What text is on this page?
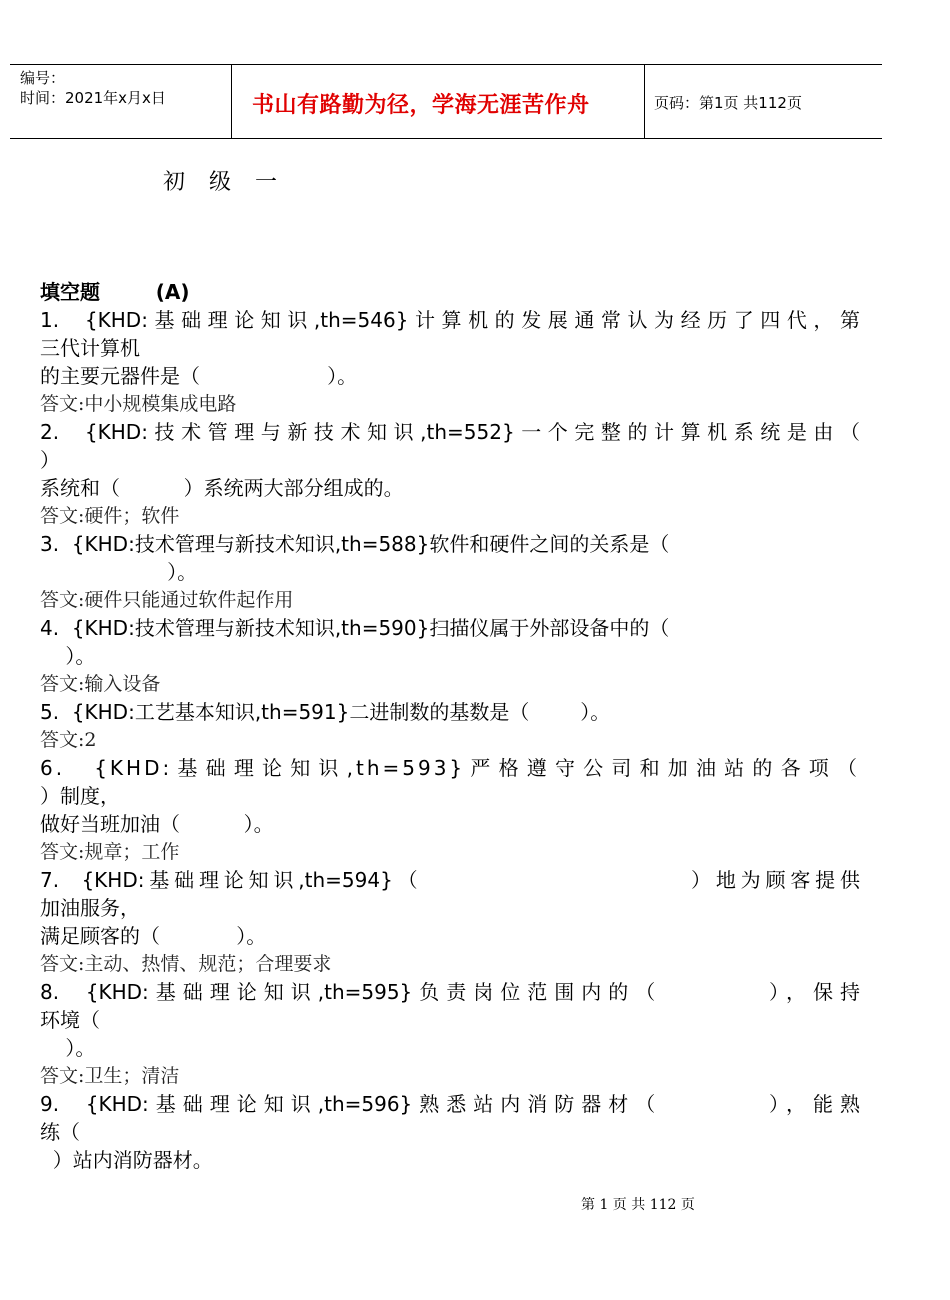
编号：
时间：2021年x月x日	书山有路勤为径，学海无涯苦作舟	页码：第1页 共112页
初级一
填空题        (A)
1.  {KHD:基础理论知识,th=546}计算机的发展通常认为经历了四代，第
三代计算机
的主要元器件是（                    ）。
答文:中小规模集成电路
2.  {KHD:技术管理与新技术知识,th=552}一个完整的计算机系统是由（
）
系统和（          ）系统两大部分组成的。
答文:硬件；软件
3.  {KHD:技术管理与新技术知识,th=588}软件和硬件之间的关系是（
）。
答文:硬件只能通过软件起作用
4.  {KHD:技术管理与新技术知识,th=590}扫描仪属于外部设备中的（
）。
答文:输入设备
5.  {KHD:工艺基本知识,th=591}二进制数的基数是（        ）。
答文:2
6.  {KHD:基础理论知识,th=593}严格遵守公司和加油站的各项（
）制度，
做好当班加油（          ）。
答文:规章；工作
7.  {KHD:基础理论知识,th=594}（                        ）地为顾客提供
加油服务，
满足顾客的（            ）。
答文:主动、热情、规范；合理要求
8.  {KHD:基础理论知识,th=595}负责岗位范围内的（        ），保持
环境（
）。
答文:卫生；清洁
9.  {KHD:基础理论知识,th=596}熟悉站内消防器材（        ），能熟
练（
）站内消防器材。
第 1 页 共 112 页
